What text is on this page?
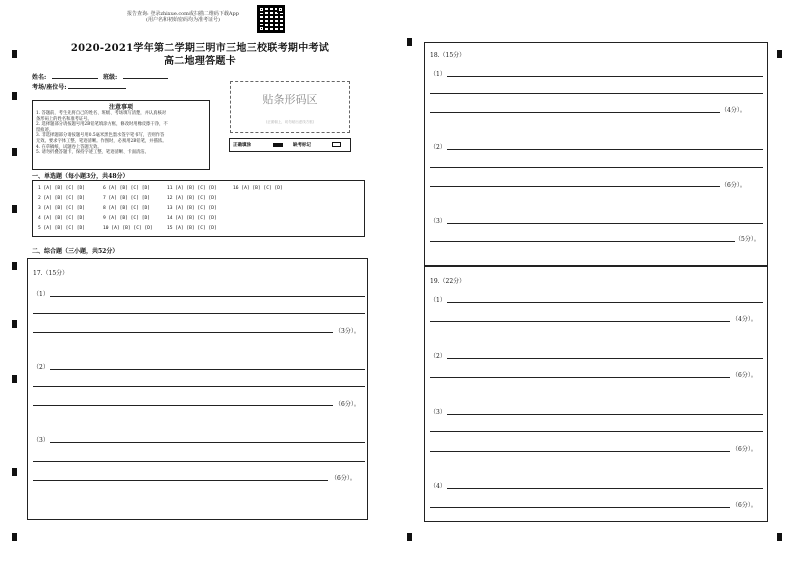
报告查询: 登录zhixue.com或扫描二维码下载App
(用户名和初始密码均为准考证号)
2020-2021学年第二学期三明市三地三校联考期中考试
高二地理答题卡
姓名:	班级:
考场/座位号:
注意事项
1. 答题前，考生先将自己的姓名、班级、考场填写清楚，并认真核对
条形码上的姓名和准考证号。
2. 选择题部分请按题号用2B铅笔填涂方框，修改时用橡皮擦干净，不
留痕迹。
3. 非选择题部分请按题号用0.5毫米黑色墨水签字笔书写，否则作答
无效。要求字体工整、笔迹清晰。作图时，必须用2B铅笔，并描浓。
4. 在草稿纸、试题卷上答题无效。
5. 请勿折叠答题卡，保持字迹工整、笔迹清晰、卡面清洁。
贴条形码区
(正面朝上，切勿贴出虚线方框)
正确填涂	缺考标记
一、单选题（每小题3分，共48分）
1 [A] [B] [C] [D]
2 [A] [B] [C] [D]
3 [A] [B] [C] [D]
4 [A] [B] [C] [D]
5 [A] [B] [C] [D]
6 [A] [B] [C] [D]
7 [A] [B] [C] [D]
8 [A] [B] [C] [D]
9 [A] [B] [C] [D]
10 [A] [B] [C] [D]
11 [A] [B] [C] [D]
12 [A] [B] [C] [D]
13 [A] [B] [C] [D]
14 [A] [B] [C] [D]
15 [A] [B] [C] [D]
16 [A] [B] [C] [D]
二、综合题（三小题，共52分）
17.（15分）
（1）
（3分）。
（2）
（6分）。
（3）
（6分）。
18.（15分）
（1）
（4分）。
（2）
（6分）。
（3）
（5分）。
19.（22分）
（1）
（4分）。
（2）
（6分）。
（3）
（6分）。
（4）
（6分）。
